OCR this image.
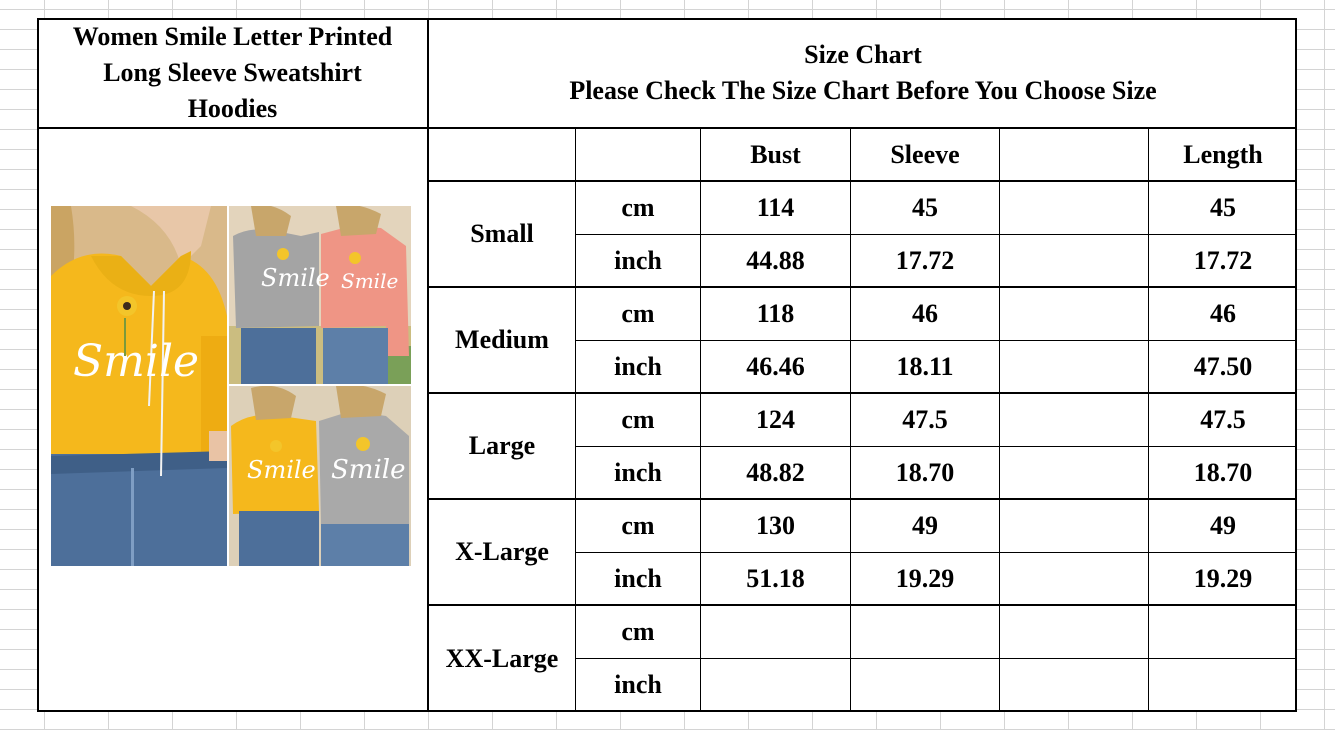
Women Smile Letter Printed
Long Sleeve Sweatshirt
Hoodies
Size Chart
Please Check The Size Chart Before You Choose Size
Smile
Smile Smile
Smile Smile
Bust	Sleeve	Length
Small
cm	114	45	45
inch	44.88	17.72	17.72
Medium
cm	118	46	46
inch	46.46	18.11	47.50
Large
cm	124	47.5	47.5
inch	48.82	18.70	18.70
X-Large
cm	130	49	49
inch	51.18	19.29	19.29
XX-Large
cm
inch
